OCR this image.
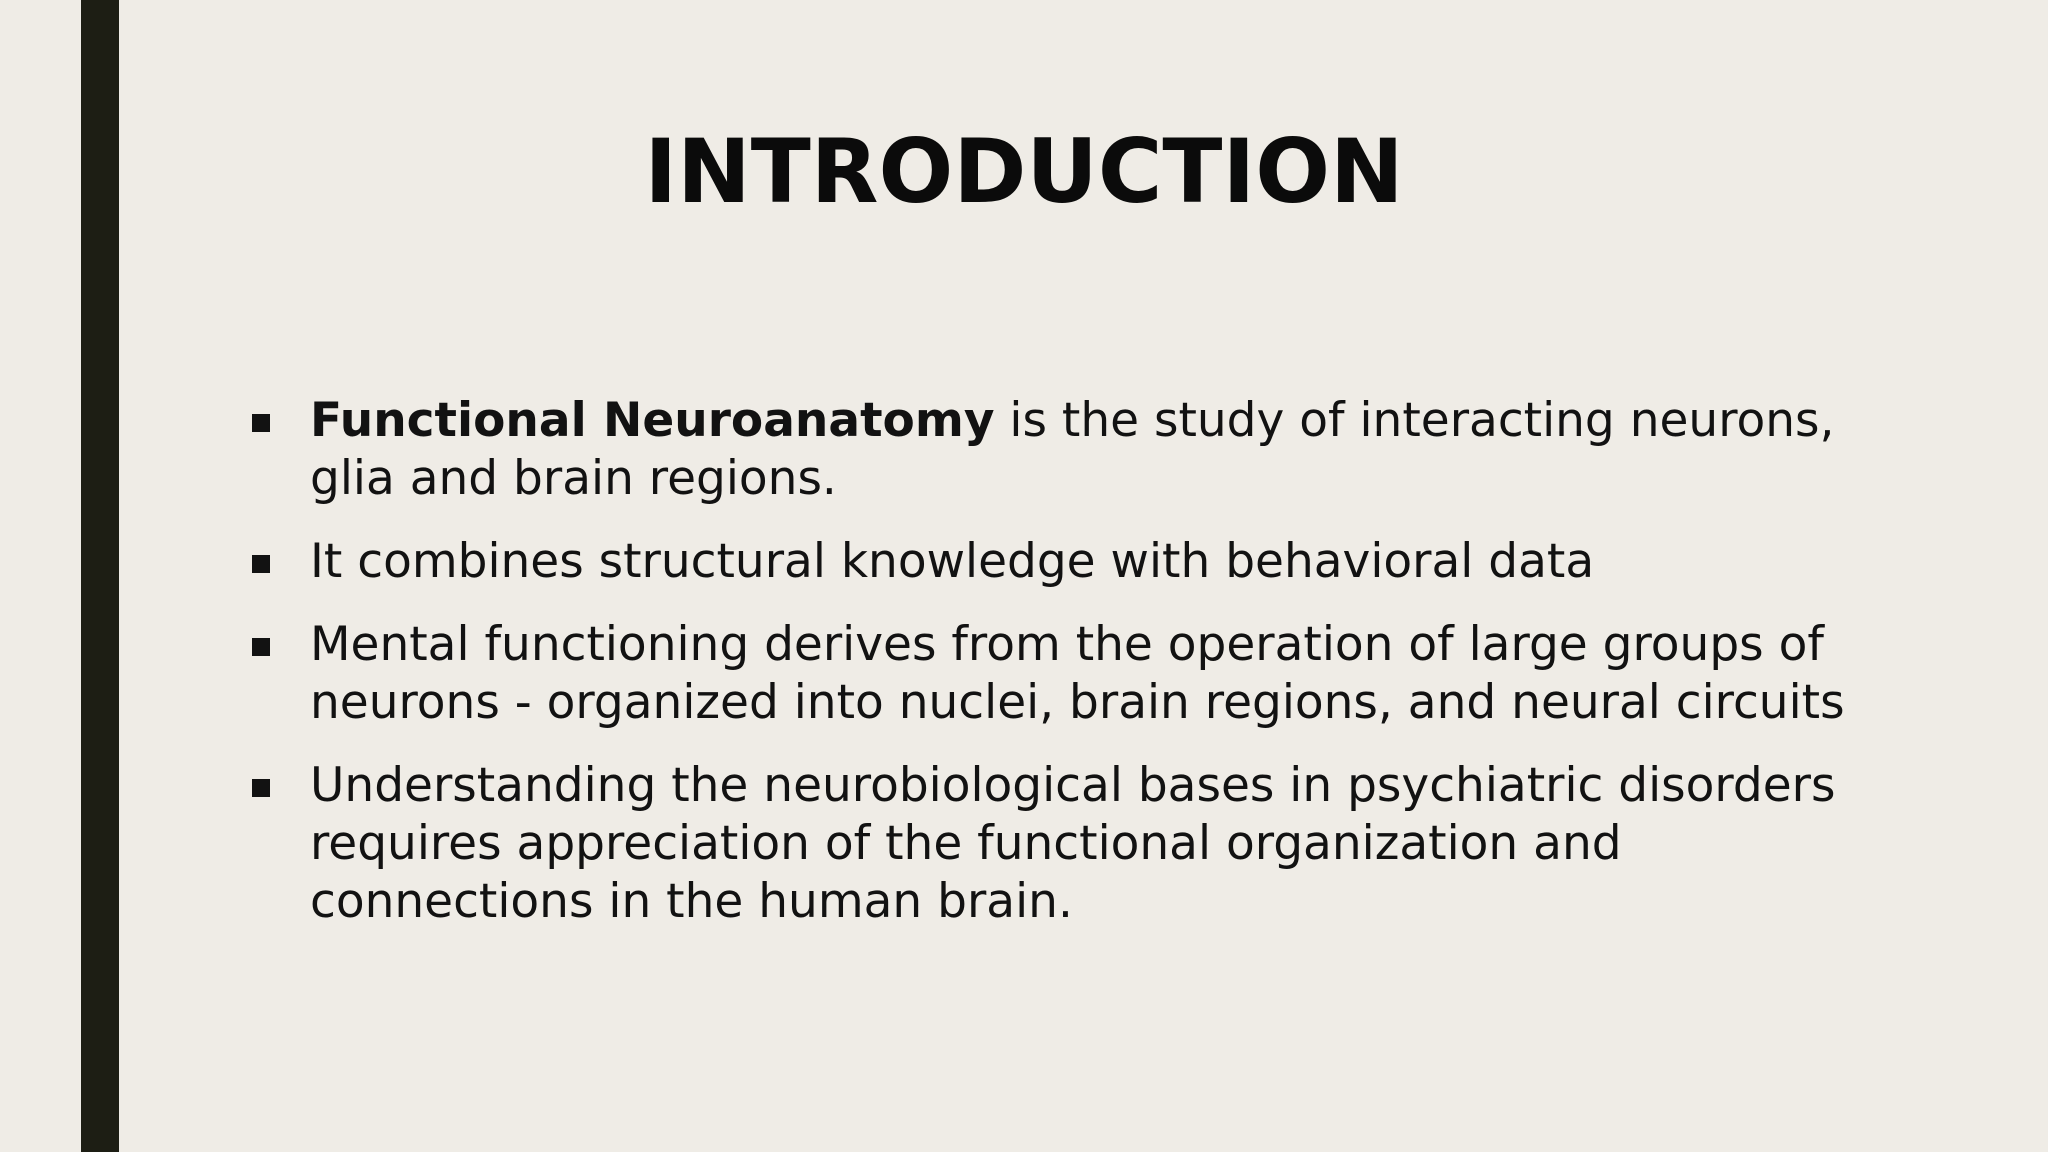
INTRODUCTION
Functional Neuroanatomy is the study of interacting neurons, glia and brain regions.
It combines structural knowledge with behavioral data
Mental functioning derives from the operation of large groups of neurons - organized into nuclei, brain regions, and neural circuits
Understanding the neurobiological bases in psychiatric disorders requires appreciation of the functional organization and connections in the human brain.
